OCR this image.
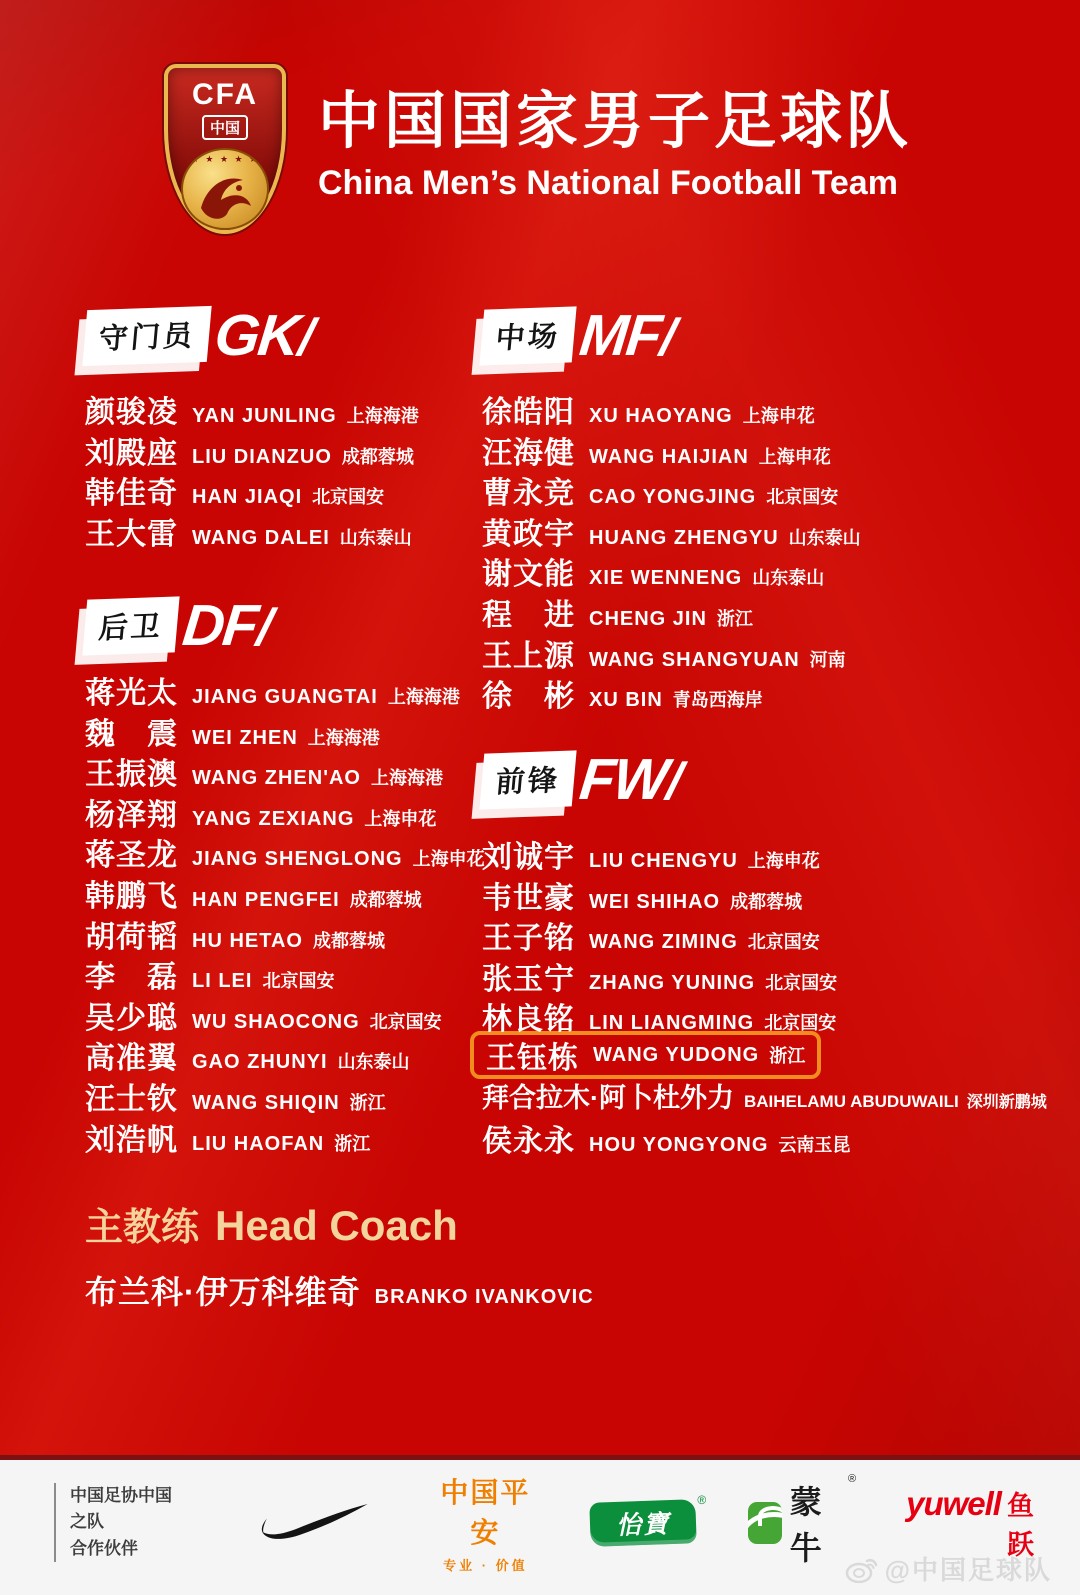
CFA
中国
★ ★ ★ ★ ★
中国国家男子足球队
China Men’s National Football Team
守门员 GK /
颜骏凌 YAN JUNLING 上海海港
刘殿座 LIU DIANZUO 成都蓉城
韩佳奇 HAN JIAQI 北京国安
王大雷 WANG DALEI 山东泰山
中场 MF /
徐皓阳 XU HAOYANG 上海申花
汪海健 WANG HAIJIAN 上海申花
曹永竞 CAO YONGJING 北京国安
黄政宇 HUANG ZHENGYU 山东泰山
谢文能 XIE WENNENG 山东泰山
程　进 CHENG JIN 浙江
王上源 WANG SHANGYUAN 河南
徐　彬 XU BIN 青岛西海岸
后卫 DF /
蒋光太 JIANG GUANGTAI 上海海港
魏　震 WEI ZHEN 上海海港
王振澳 WANG ZHEN'AO 上海海港
杨泽翔 YANG ZEXIANG 上海申花
蒋圣龙 JIANG SHENGLONG 上海申花
韩鹏飞 HAN PENGFEI 成都蓉城
胡荷韬 HU HETAO 成都蓉城
李　磊 LI LEI 北京国安
吴少聪 WU SHAOCONG 北京国安
高准翼 GAO ZHUNYI 山东泰山
汪士钦 WANG SHIQIN 浙江
刘浩帆 LIU HAOFAN 浙江
前锋 FW /
刘诚宇 LIU CHENGYU 上海申花
韦世豪 WEI SHIHAO 成都蓉城
王子铭 WANG ZIMING 北京国安
张玉宁 ZHANG YUNING 北京国安
林良铭 LIN LIANGMING 北京国安
王钰栋 WANG YUDONG 浙江
拜合拉木·阿卜杜外力 BAIHELAMU ABUDUWAILI 深圳新鹏城
侯永永 HOU YONGYONG 云南玉昆
主教练 Head Coach
布兰科·伊万科维奇 BRANKO IVANKOVIC
中国足协中国之队
合作伙伴
中国平安
专业 · 价值
怡寶
®	蒙牛
®
yuwell 鱼跃
@中国足球队
